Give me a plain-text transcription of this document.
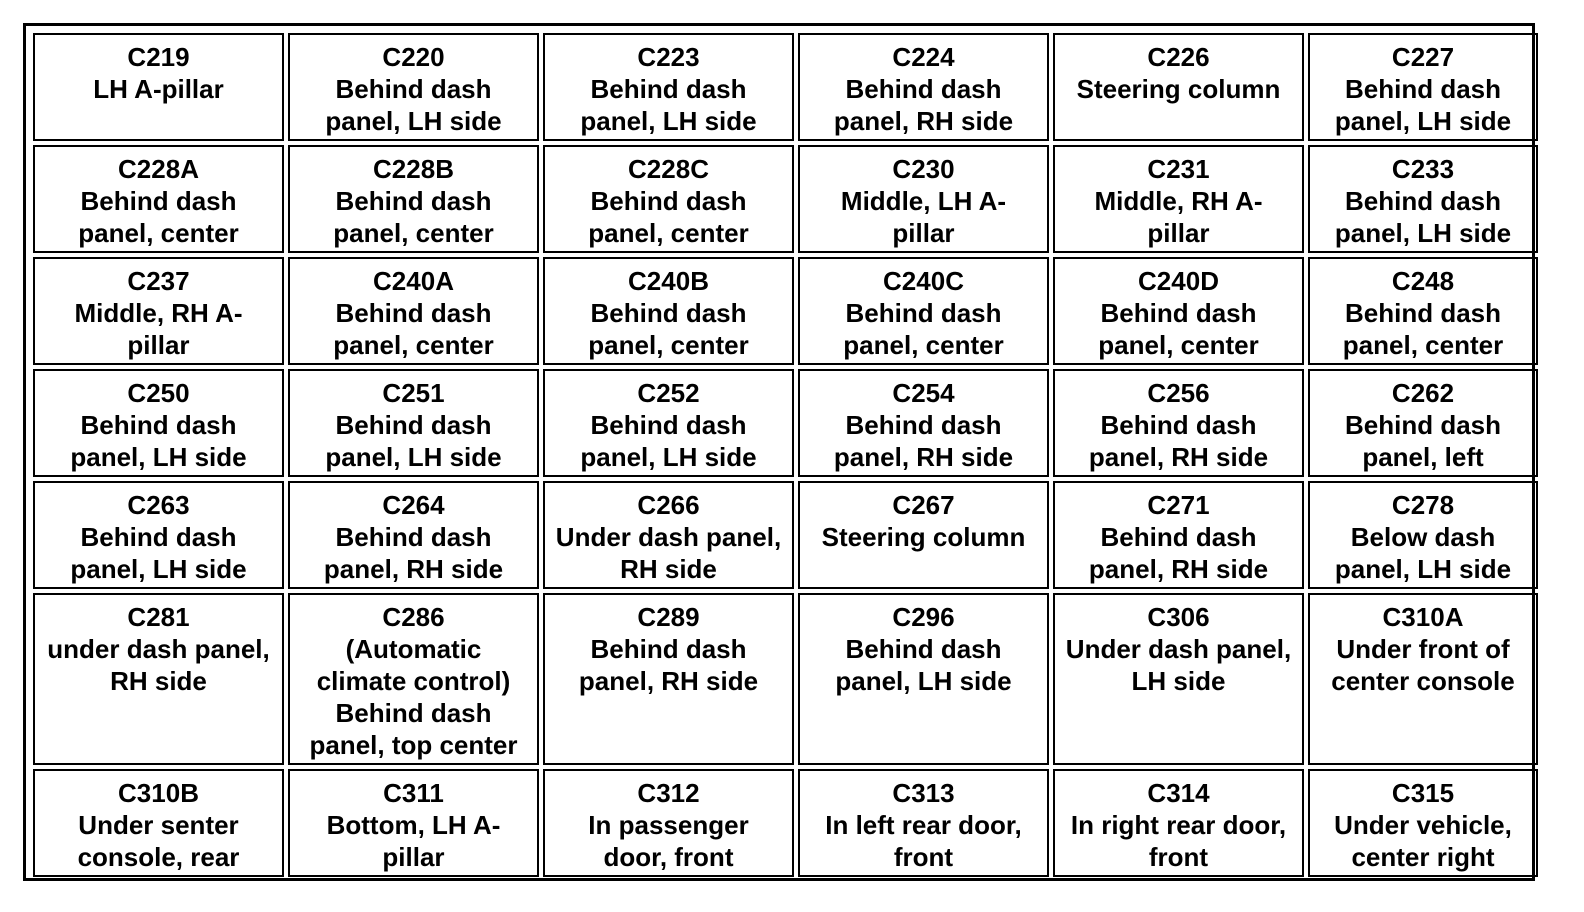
C219
LH A-pillar
C220
Behind dash
panel, LH side
C223
Behind dash
panel, LH side
C224
Behind dash
panel, RH side
C226
Steering column
C227
Behind dash
panel, LH side
C228A
Behind dash
panel, center
C228B
Behind dash
panel, center
C228C
Behind dash
panel, center
C230
Middle, LH A-
pillar
C231
Middle, RH A-
pillar
C233
Behind dash
panel, LH side
C237
Middle, RH A-
pillar
C240A
Behind dash
panel, center
C240B
Behind dash
panel, center
C240C
Behind dash
panel, center
C240D
Behind dash
panel, center
C248
Behind dash
panel, center
C250
Behind dash
panel, LH side
C251
Behind dash
panel, LH side
C252
Behind dash
panel, LH side
C254
Behind dash
panel, RH side
C256
Behind dash
panel, RH side
C262
Behind dash
panel, left
C263
Behind dash
panel, LH side
C264
Behind dash
panel, RH side
C266
Under dash panel,
RH side
C267
Steering column
C271
Behind dash
panel, RH side
C278
Below dash
panel, LH side
C281
under dash panel,
RH side
C286
(Automatic
climate control)
Behind dash
panel, top center
C289
Behind dash
panel, RH side
C296
Behind dash
panel, LH side
C306
Under dash panel,
LH side
C310A
Under front of
center console
C310B
Under senter
console, rear
C311
Bottom, LH A-
pillar
C312
In passenger
door, front
C313
In left rear door,
front
C314
In right rear door,
front
C315
Under vehicle,
center right
